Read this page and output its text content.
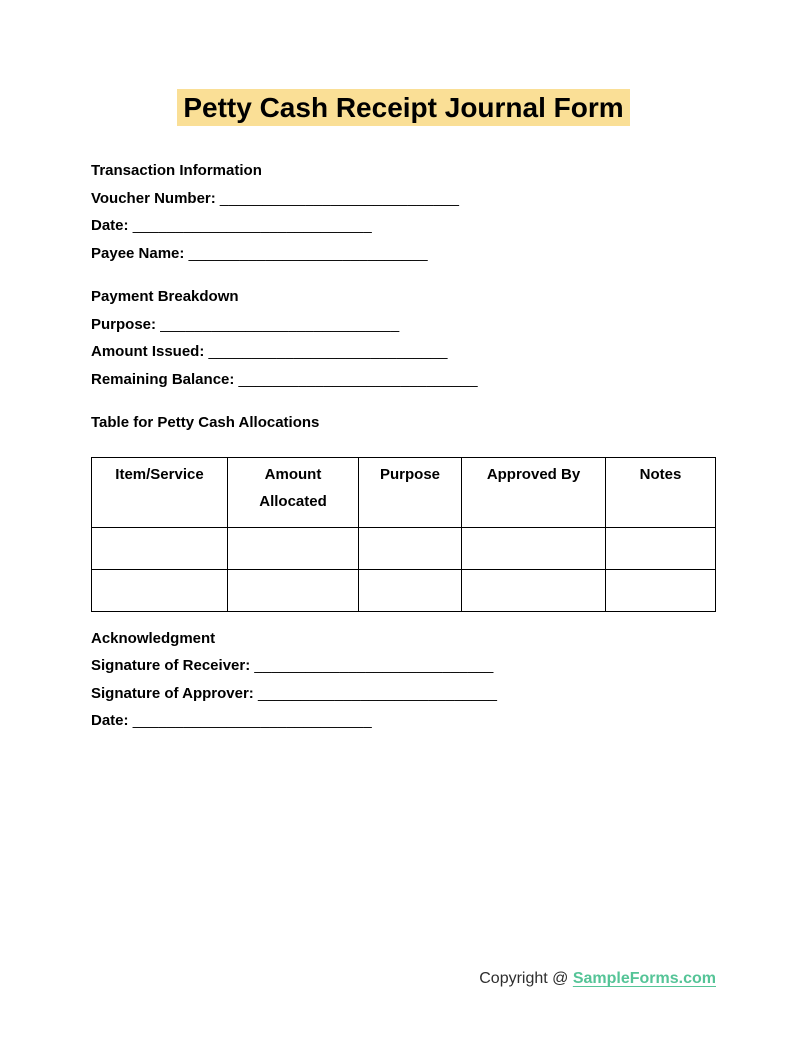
Petty Cash Receipt Journal Form
Transaction Information
Voucher Number: ____________________________
Date: ____________________________
Payee Name: ____________________________
Payment Breakdown
Purpose: ____________________________
Amount Issued: ____________________________
Remaining Balance: ____________________________
Table for Petty Cash Allocations
Item/Service	Amount Allocated	Purpose	Approved By	Notes

Acknowledgment
Signature of Receiver: ____________________________
Signature of Approver: ____________________________
Date: ____________________________
Copyright @ SampleForms.com
